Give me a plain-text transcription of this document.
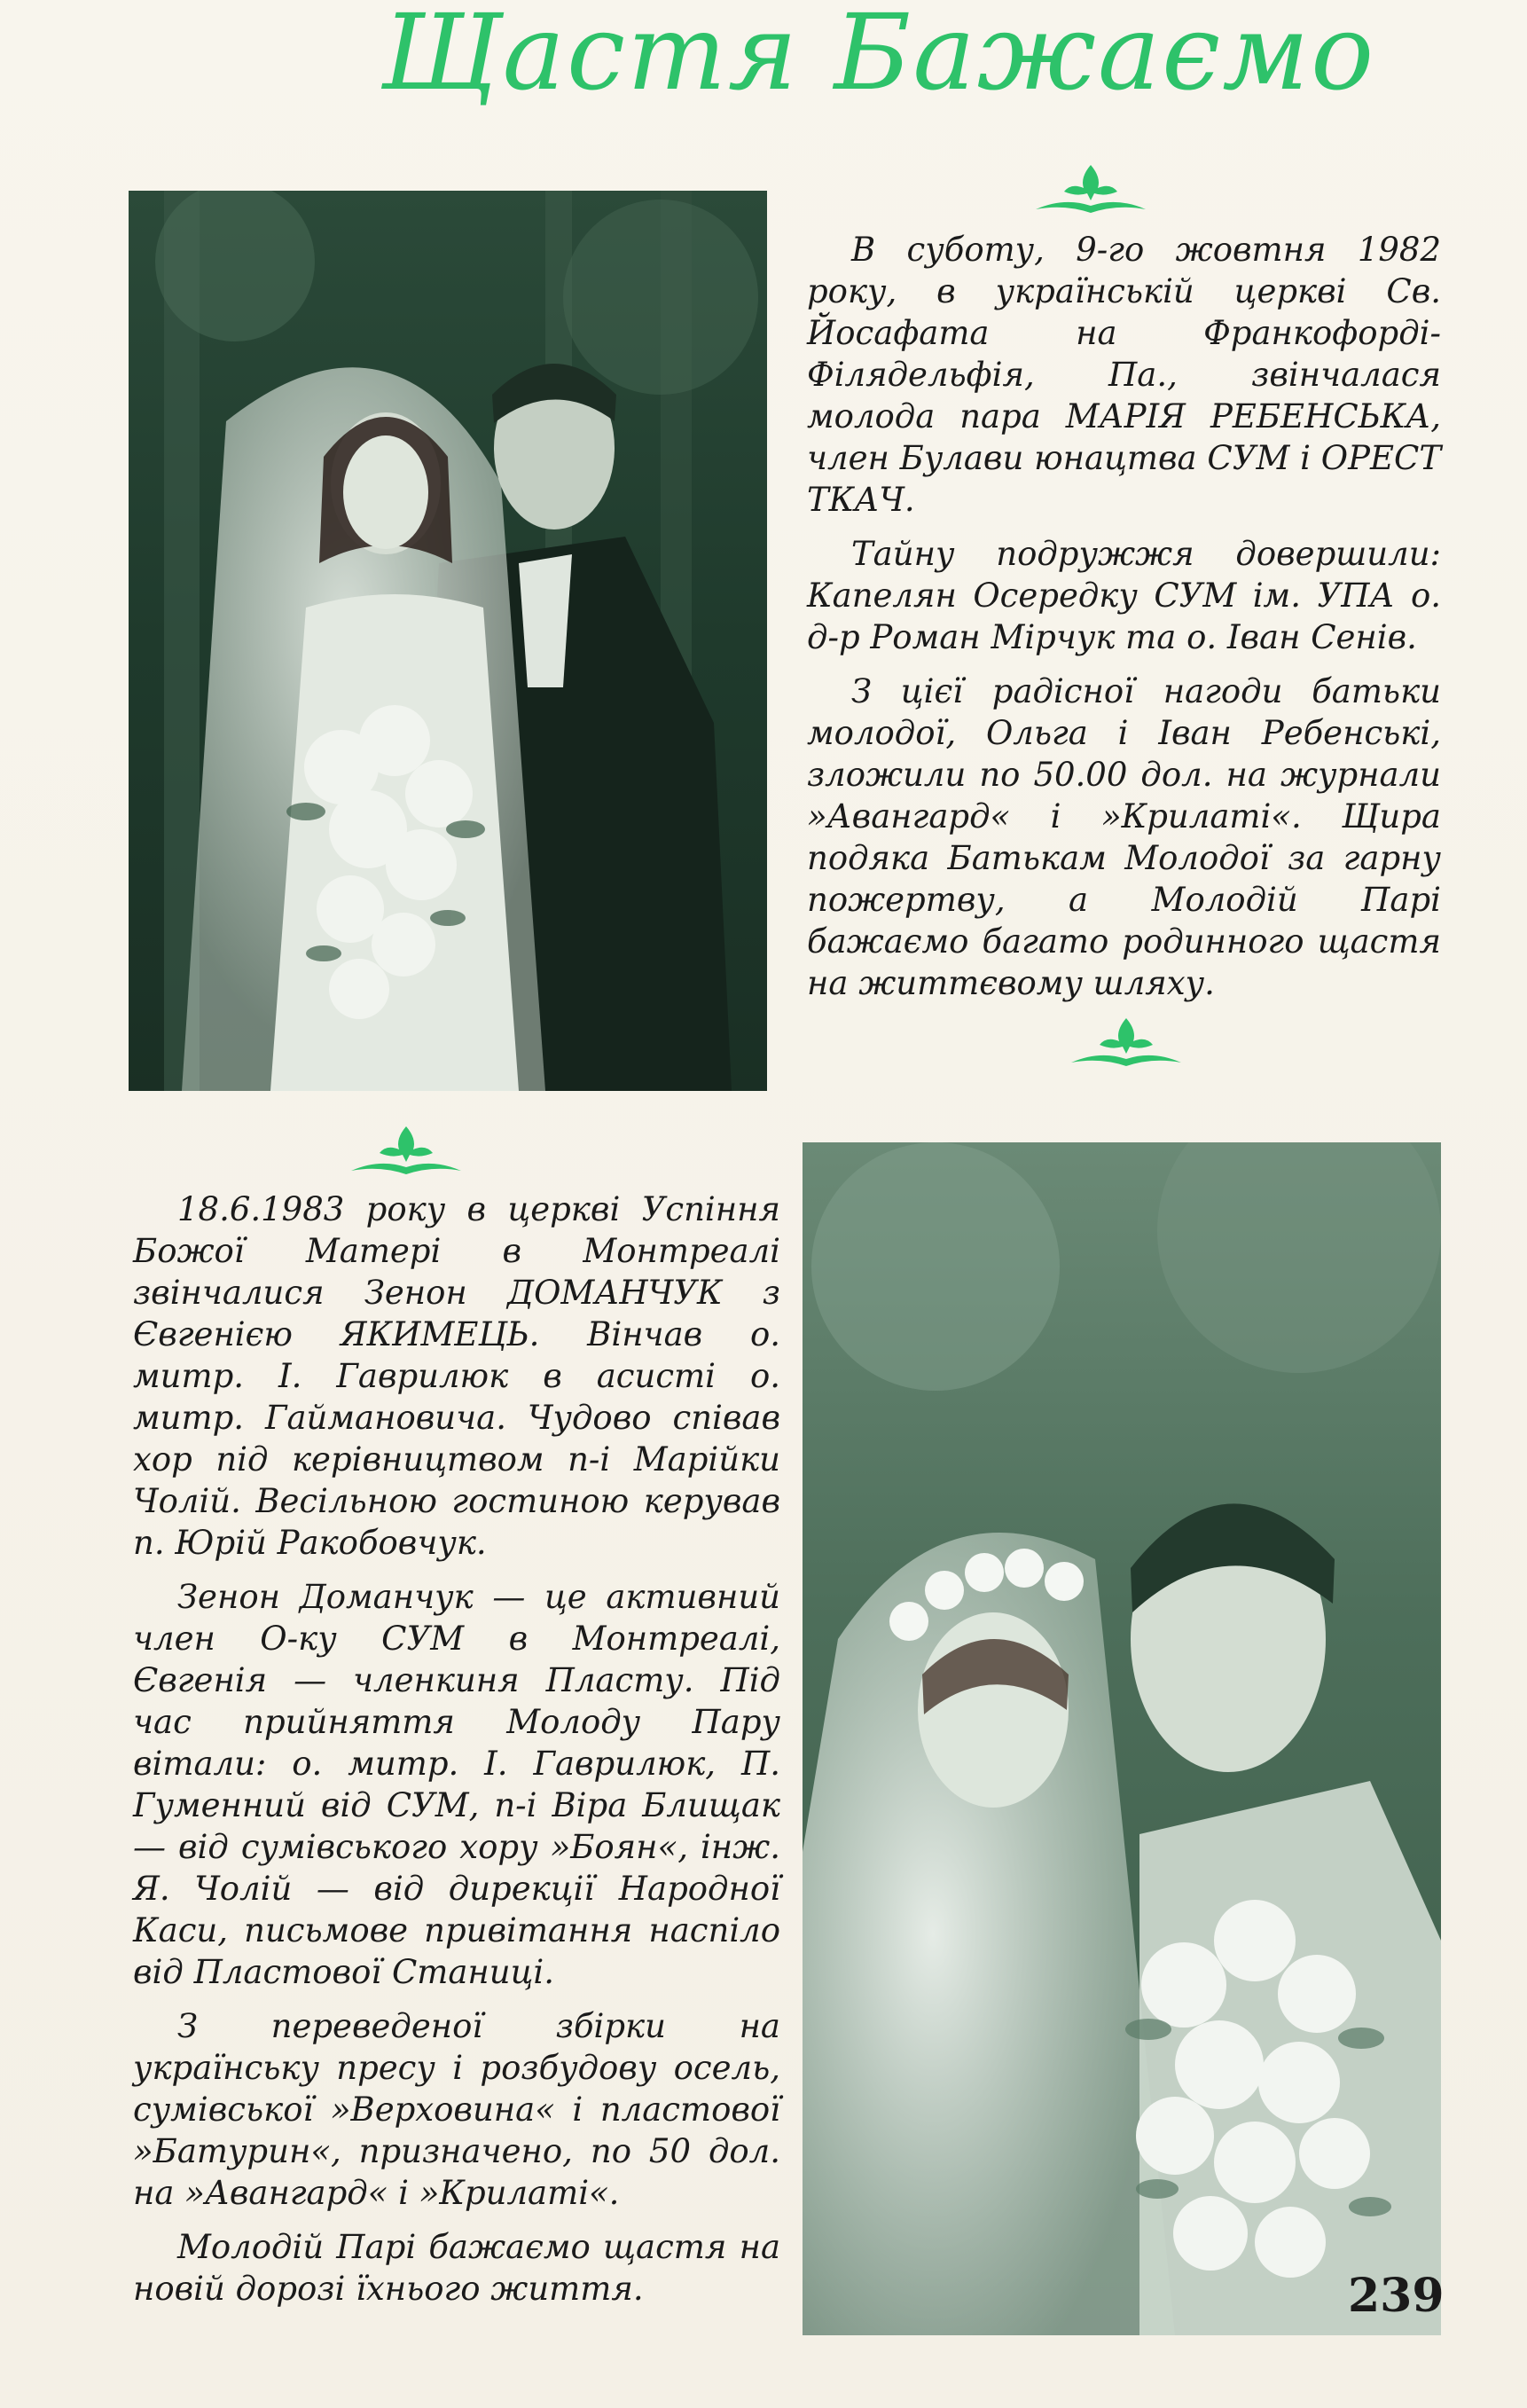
Щастя Бажаємо

В суботу, 9-го жовтня 1982 року, в українській церкві Св. Йосафата на Франкофорді-Філядельфія, Па., звінчалася молода пара МАРІЯ РЕБЕНСЬКА, член Булави юнацтва СУМ і ОРЕСТ ТКАЧ.

Тайну подружжя довершили: Капелян Осередку СУМ ім. УПА о. д-р Роман Мірчук та о. Іван Сенів.

З цієї радісної нагоди батьки молодої, Ольга і Іван Ребенські, зложили по 50.00 дол. на журнали »Авангард« і »Крилаті«. Щира подяка Батькам Молодої за гарну пожертву, а Молодій Парі бажаємо багато родинного щастя на життєвому шляху.

18.6.1983 року в церкві Успіння Божої Матері в Монтреалі звінчалися Зенон ДОМАНЧУК з Євгенією ЯКИМЕЦЬ. Вінчав о. митр. І. Гаврилюк в асисті о. митр. Гаймановича. Чудово співав хор під керівництвом п-і Марійки Чолій. Весільною гостиною керував п. Юрій Ракобовчук.

Зенон Доманчук — це активний член О-ку СУМ в Монтреалі, Євгенія — членкиня Пласту. Під час прийняття Молоду Пару вітали: о. митр. І. Гаврилюк, П. Гуменний від СУМ, п-і Віра Блищак — від сумівського хору »Боян«, інж. Я. Чолій — від дирекції Народної Каси, письмове привітання наспіло від Пластової Станиці.

З переведеної збірки на українську пресу і розбудову осель, сумівської »Верховина« і пластової »Батурин«, призначено, по 50 дол. на »Авангард« і »Крилаті«.

Молодій Парі бажаємо щастя на новій дорозі їхнього життя.	239
